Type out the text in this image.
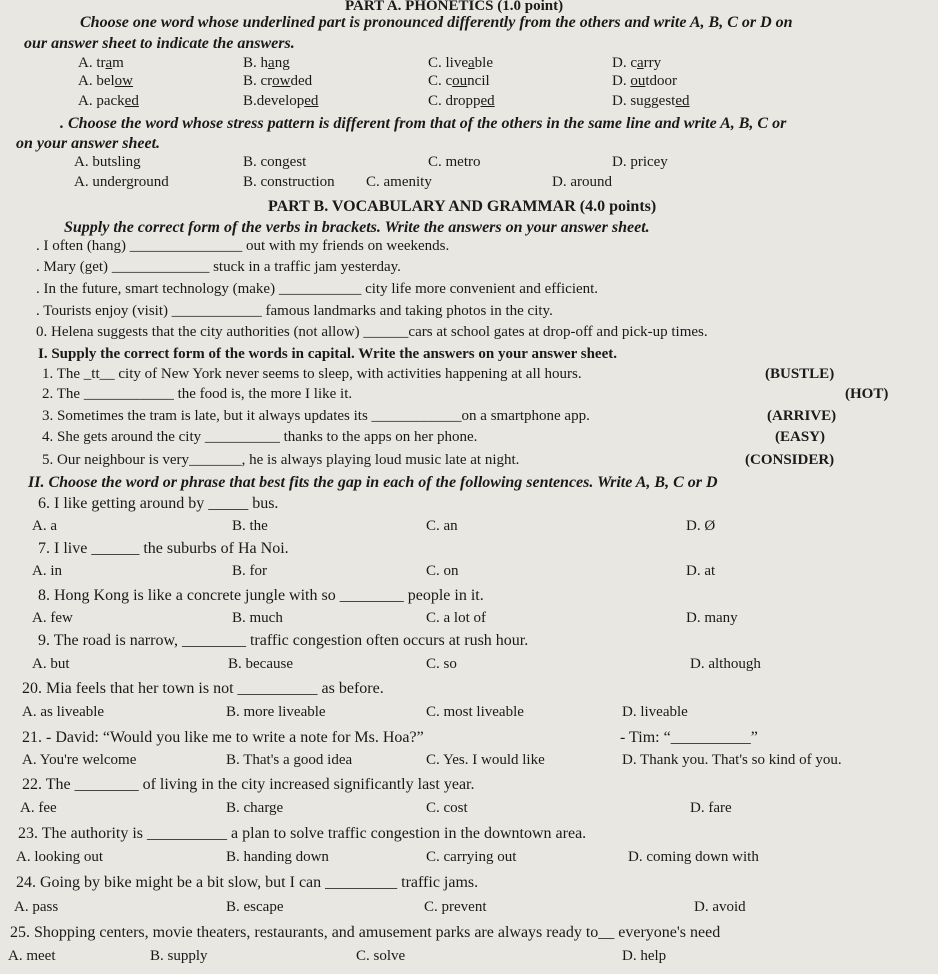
PART A. PHONETICS (1.0 point)
Choose one word whose underlined part is pronounced differently from the others and write A, B, C or D on
our answer sheet to indicate the answers.
A. tram	B. hang	C. liveable	D. carry
A. below	B. crowded	C. council	D. outdoor
A. packed	B.developed	C. dropped	D. suggested
. Choose the word whose stress pattern is different from that of the others in the same line and write A, B, C or
on your answer sheet.
A. butsling	B. congest	C. metro	D. pricey
A. underground	B. construction C. amenity	D. around
PART B. VOCABULARY AND GRAMMAR (4.0 points)
Supply the correct form of the verbs in brackets. Write the answers on your answer sheet.
. I often (hang) _______________ out with my friends on weekends.
. Mary (get) _____________ stuck in a traffic jam yesterday.
. In the future, smart technology (make) ___________ city life more convenient and efficient.
. Tourists enjoy (visit) ____________ famous landmarks and taking photos in the city.
0. Helena suggests that the city authorities (not allow) ______cars at school gates at drop-off and pick-up times.
I. Supply the correct form of the words in capital. Write the answers on your answer sheet.
1. The _tt__ city of New York never seems to sleep, with activities happening at all hours.	(BUSTLE)
2. The ____________ the food is, the more I like it.	(HOT)
3. Sometimes the tram is late, but it always updates its ____________on a smartphone app.	(ARRIVE)
4. She gets around the city __________ thanks to the apps on her phone.	(EASY)
5. Our neighbour is very_______, he is always playing loud music late at night.	(CONSIDER)
II. Choose the word or phrase that best fits the gap in each of the following sentences. Write A, B, C or D
6. I like getting around by _____ bus.
A. a	B. the	C. an	D. Ø
7. I live ______ the suburbs of Ha Noi.
A. in	B. for	C. on	D. at
8. Hong Kong is like a concrete jungle with so ________ people in it.
A. few	B. much	C. a lot of	D. many
9. The road is narrow, ________ traffic congestion often occurs at rush hour.
A. but	B. because	C. so	D. although
20. Mia feels that her town is not __________ as before.
A. as liveable	B. more liveable	C. most liveable	D. liveable
21. - David: “Would you like me to write a note for Ms. Hoa?”	- Tim: “__________”
A. You're welcome	B. That's a good idea	C. Yes. I would like	D. Thank you. That's so kind of you.
22. The ________ of living in the city increased significantly last year.
A. fee	B. charge	C. cost	D. fare
23. The authority is __________ a plan to solve traffic congestion in the downtown area.
A. looking out	B. handing down	C. carrying out	D. coming down with
24. Going by bike might be a bit slow, but I can _________ traffic jams.
A. pass	B. escape	C. prevent	D. avoid
25. Shopping centers, movie theaters, restaurants, and amusement parks are always ready to__ everyone's need
A. meet	B. supply	C. solve	D. help
